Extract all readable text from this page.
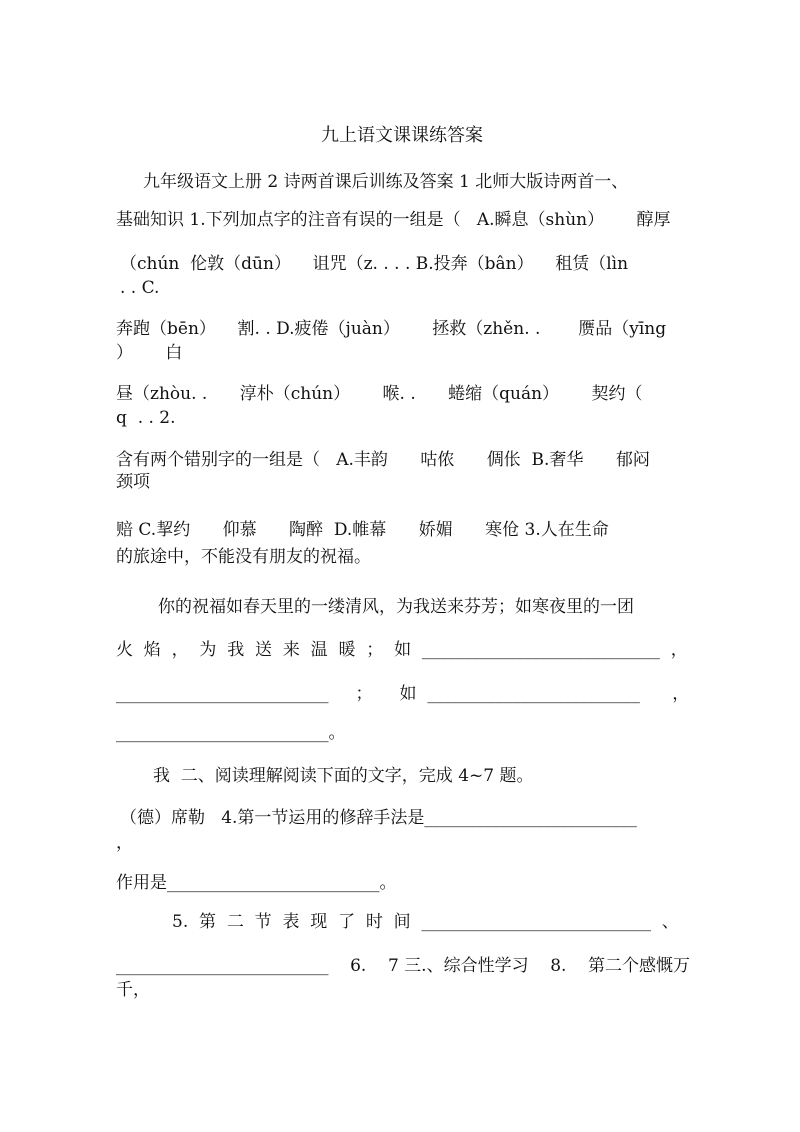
九上语文课课练答案
九年级语文上册 2 诗两首课后训练及答案 1 北师大版诗两首一、
基础知识 1.下列加点字的注音有误的一组是（   A.瞬息（shùn）      醇厚
（chún  伦敦（dūn）    诅咒（z. . . . B.投奔（bân）    租赁（lìn
. . C.
奔跑（bēn）    割. . D.疲倦（juàn）      拯救（zhěn. .       赝品（yīng
）      白
昼（zhòu. .      淳朴（chún）      喉. .      蜷缩（quán）      契约（
q  . . 2.
含有两个错别字的一组是（   A.丰韵      咕侬      倜伥  B.奢华      郁闷
颈项
赔 C.挈约      仰慕      陶醉  D.帷幕      娇媚      寒伧 3.人在生命
的旅途中，不能没有朋友的祝福。
你的祝福如春天里的一缕清风，为我送来芬芳；如寒夜里的一团
火  焰  ，  为  我  送  来  温  暖  ；  如  ____________________________  ，
_________________________     ；     如  _________________________      ，
_________________________。
我  二、阅读理解阅读下面的文字，完成 4~7 题。
（德）席勒   4.第一节运用的修辞手法是_________________________
，
作用是_________________________。
5.  第  二  节  表  现  了  时  间  ___________________________  、
_________________________    6.    7 三.、综合性学习    8.    第二个感慨万
千，
